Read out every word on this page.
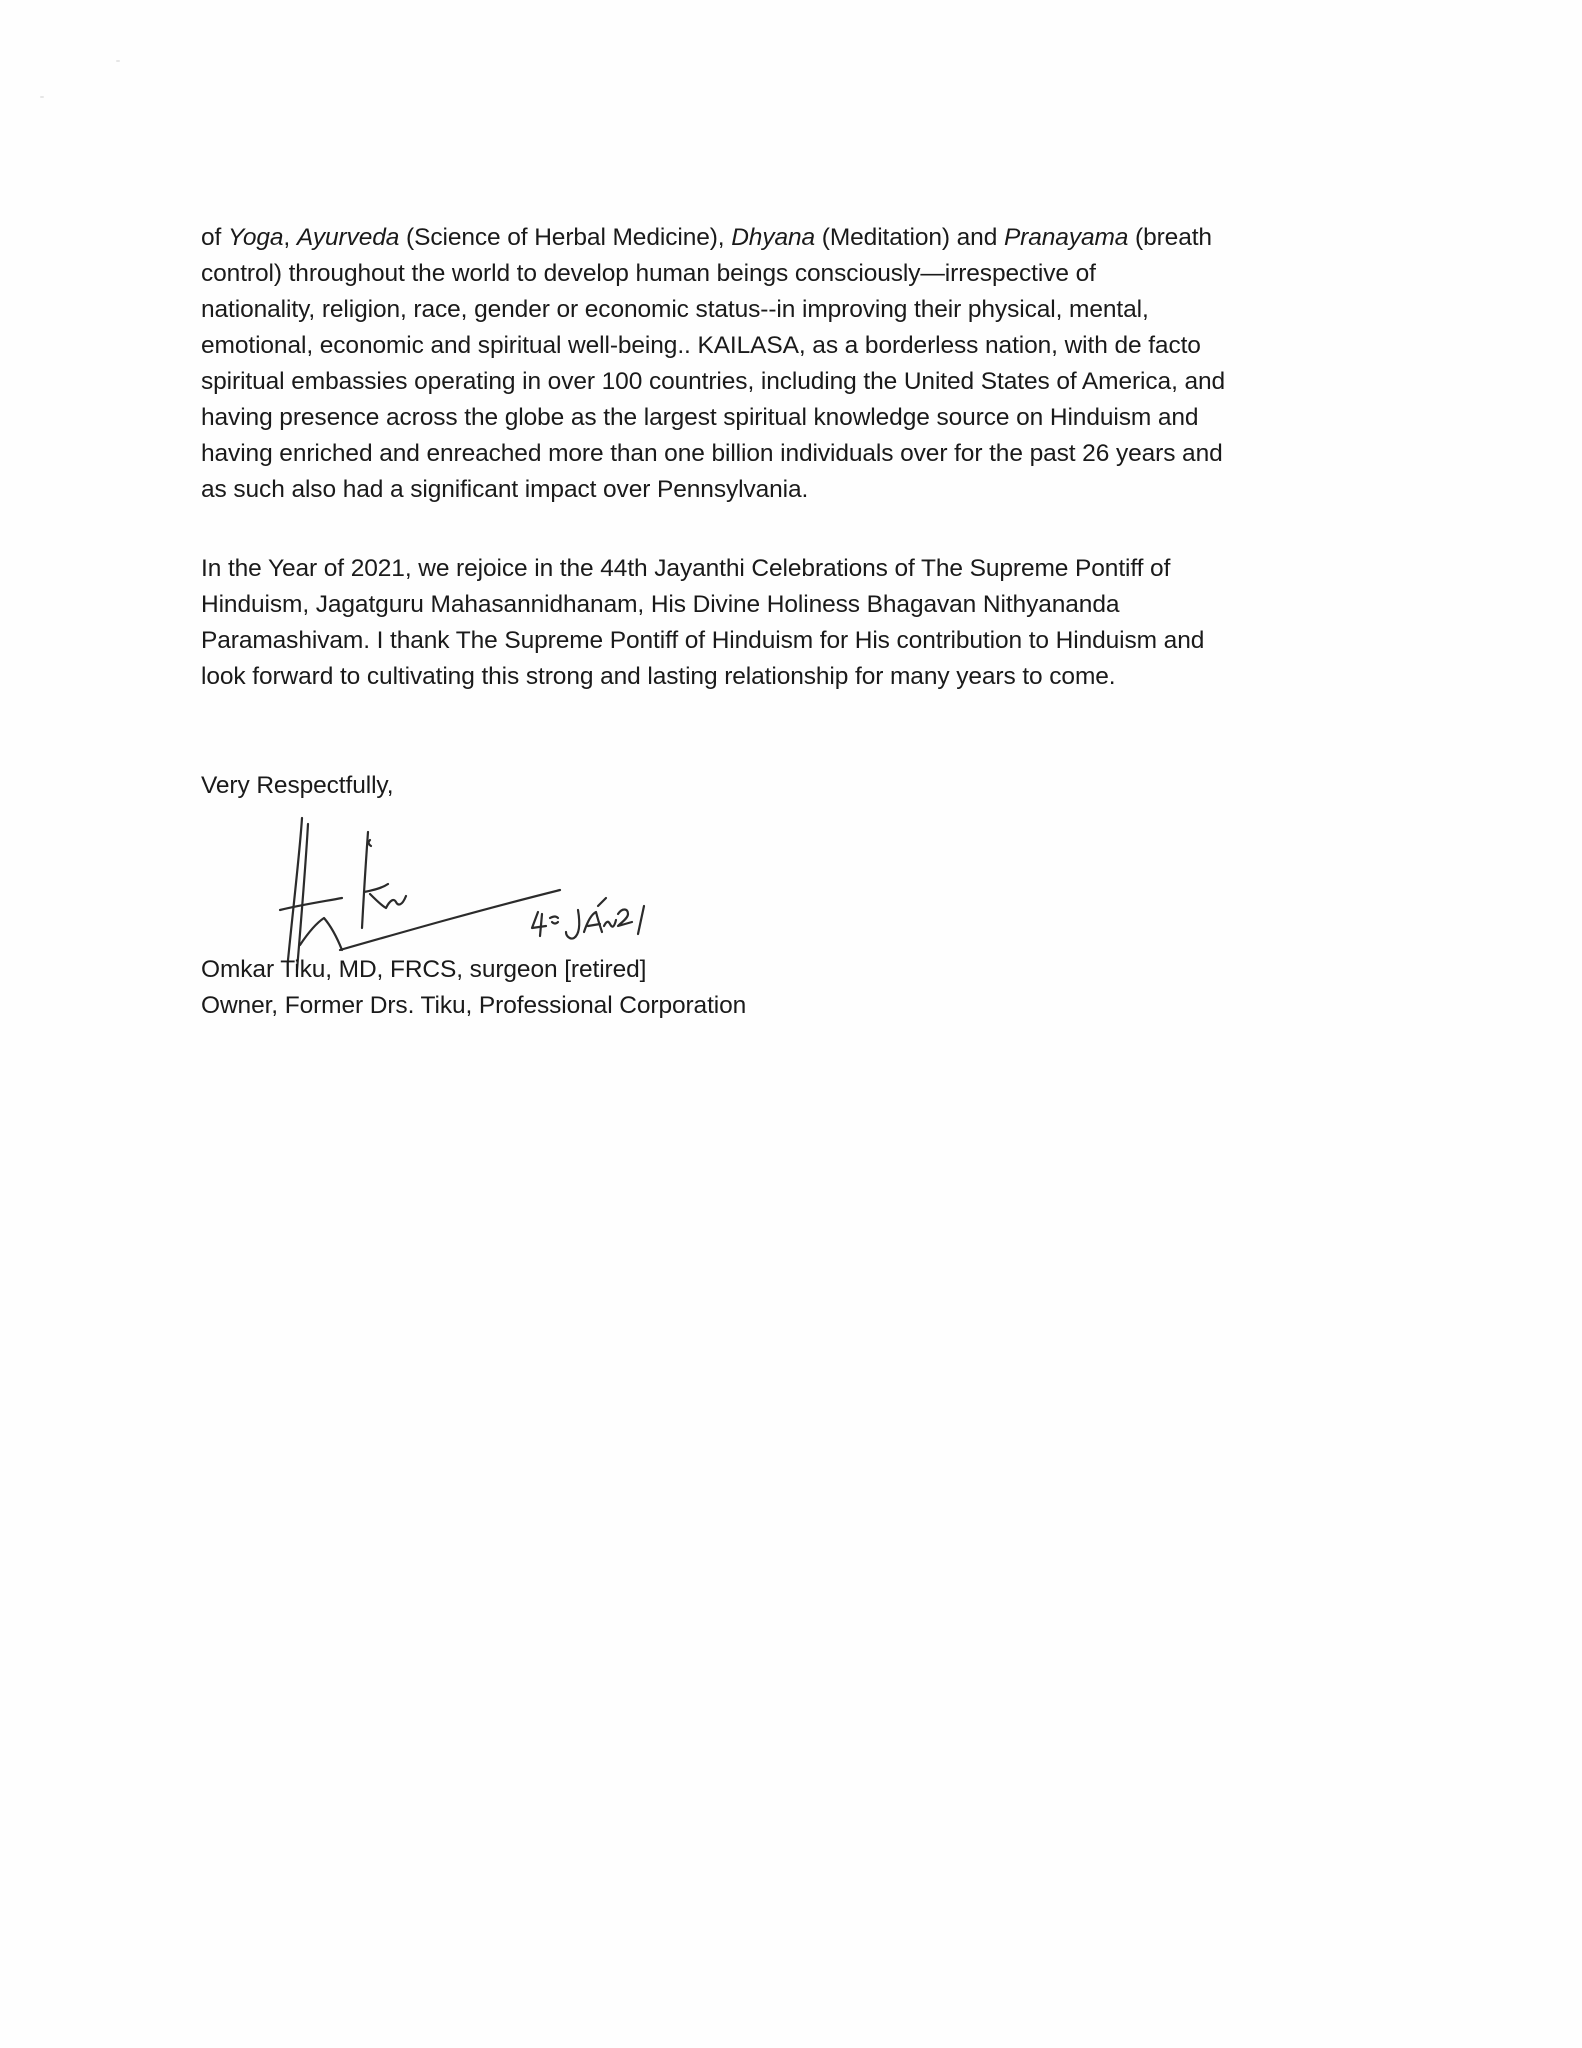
of Yoga, Ayurveda (Science of Herbal Medicine), Dhyana (Meditation) and Pranayama (breath
control) throughout the world to develop human beings consciously—irrespective of
nationality, religion, race, gender or economic status--in improving their physical, mental,
emotional, economic and spiritual well-being.. KAILASA, as a borderless nation, with de facto
spiritual embassies operating in over 100 countries, including the United States of America, and
having presence across the globe as the largest spiritual knowledge source on Hinduism and
having enriched and enreached more than one billion individuals over for the past 26 years and
as such also had a significant impact over Pennsylvania.
In the Year of 2021, we rejoice in the 44th Jayanthi Celebrations of The Supreme Pontiff of
Hinduism, Jagatguru Mahasannidhanam, His Divine Holiness Bhagavan Nithyananda
Paramashivam. I thank The Supreme Pontiff of Hinduism for His contribution to Hinduism and
look forward to cultivating this strong and lasting relationship for many years to come.
Very Respectfully,
Omkar Tiku, MD, FRCS, surgeon [retired]
Owner, Former Drs. Tiku, Professional Corporation
